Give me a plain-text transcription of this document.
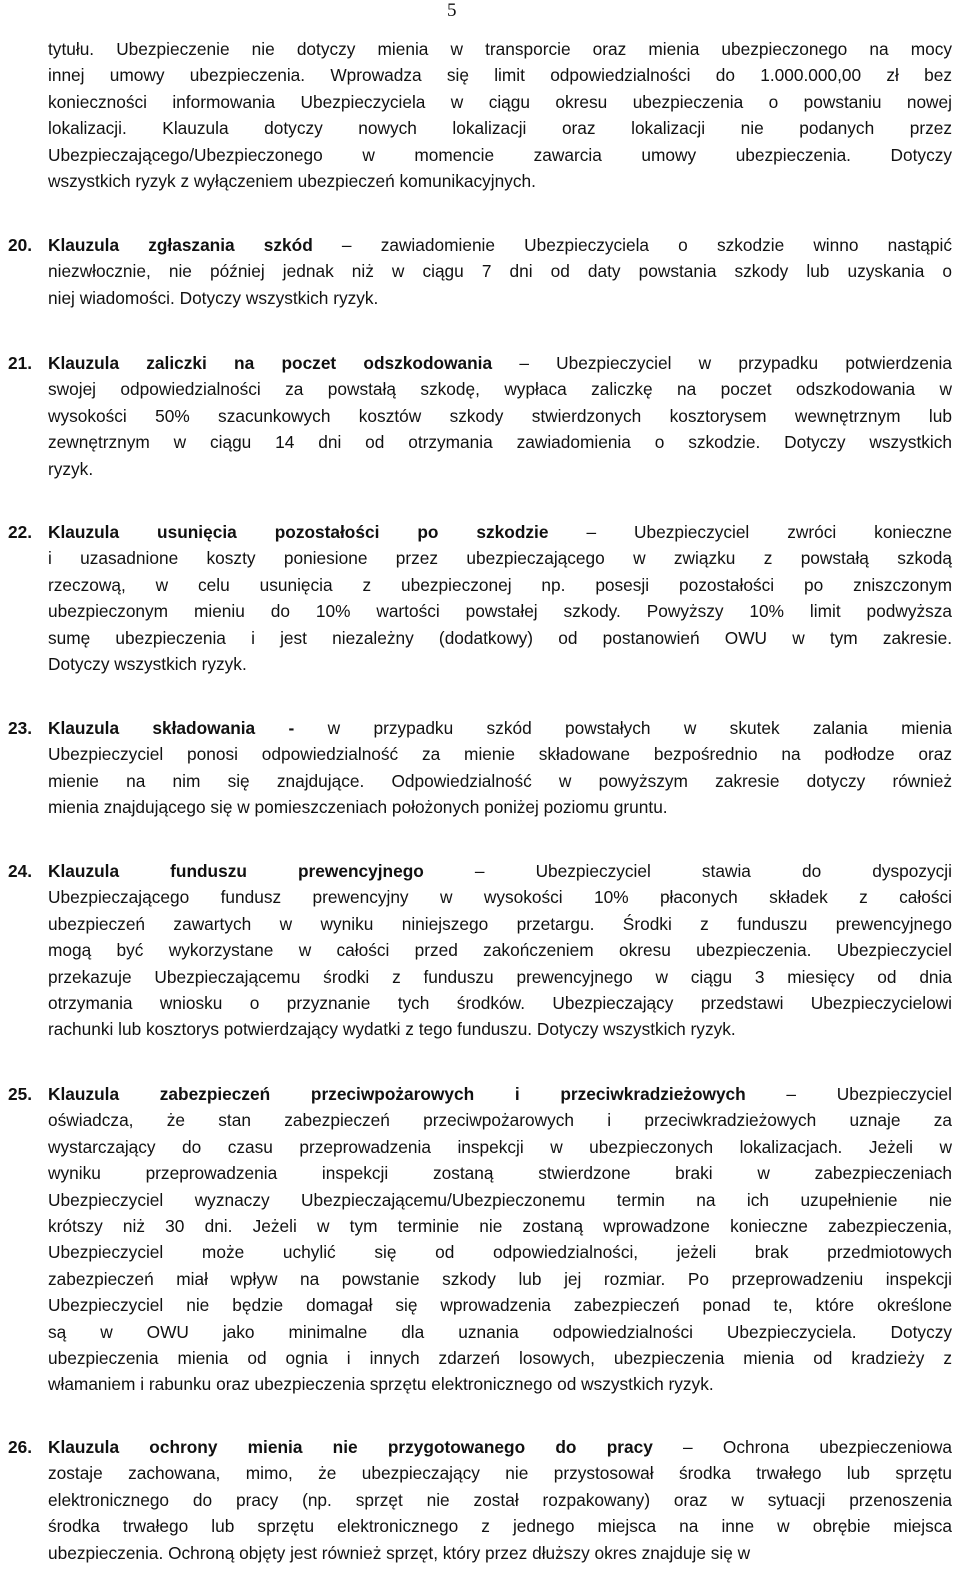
5
tytułu. Ubezpieczenie nie dotyczy mienia w transporcie oraz mienia ubezpieczonego na mocy
innej umowy ubezpieczenia. Wprowadza się limit odpowiedzialności do 1.000.000,00 zł bez
konieczności informowania Ubezpieczyciela w ciągu okresu ubezpieczenia o powstaniu nowej
lokalizacji. Klauzula dotyczy nowych lokalizacji oraz lokalizacji nie podanych przez
Ubezpieczającego/Ubezpieczonego w momencie zawarcia umowy ubezpieczenia. Dotyczy
wszystkich ryzyk z wyłączeniem ubezpieczeń komunikacyjnych.
20. Klauzula zgłaszania szkód – zawiadomienie Ubezpieczyciela o szkodzie winno nastąpić
niezwłocznie, nie później jednak niż w ciągu 7 dni od daty powstania szkody lub uzyskania o
niej wiadomości. Dotyczy wszystkich ryzyk.
21. Klauzula zaliczki na poczet odszkodowania – Ubezpieczyciel w przypadku potwierdzenia
swojej odpowiedzialności za powstałą szkodę, wypłaca zaliczkę na poczet odszkodowania w
wysokości 50% szacunkowych kosztów szkody stwierdzonych kosztorysem wewnętrznym lub
zewnętrznym w ciągu 14 dni od otrzymania zawiadomienia o szkodzie. Dotyczy wszystkich
ryzyk.
22. Klauzula usunięcia pozostałości po szkodzie – Ubezpieczyciel zwróci konieczne
i uzasadnione koszty poniesione przez ubezpieczającego w związku z powstałą szkodą
rzeczową, w celu usunięcia z ubezpieczonej np. posesji pozostałości po zniszczonym
ubezpieczonym mieniu do 10% wartości powstałej szkody. Powyższy 10% limit podwyższa
sumę ubezpieczenia i jest niezależny (dodatkowy) od postanowień OWU w tym zakresie.
Dotyczy wszystkich ryzyk.
23. Klauzula składowania - w przypadku szkód powstałych w skutek zalania mienia
Ubezpieczyciel ponosi odpowiedzialność za mienie składowane bezpośrednio na podłodze oraz
mienie na nim się znajdujące. Odpowiedzialność w powyższym zakresie dotyczy również
mienia znajdującego się w pomieszczeniach położonych poniżej poziomu gruntu.
24. Klauzula funduszu prewencyjnego – Ubezpieczyciel stawia do dyspozycji
Ubezpieczającego fundusz prewencyjny w wysokości 10% płaconych składek z całości
ubezpieczeń zawartych w wyniku niniejszego przetargu. Środki z funduszu prewencyjnego
mogą być wykorzystane w całości przed zakończeniem okresu ubezpieczenia. Ubezpieczyciel
przekazuje Ubezpieczającemu środki z funduszu prewencyjnego w ciągu 3 miesięcy od dnia
otrzymania wniosku o przyznanie tych środków. Ubezpieczający przedstawi Ubezpieczycielowi
rachunki lub kosztorys potwierdzający wydatki z tego funduszu. Dotyczy wszystkich ryzyk.
25. Klauzula zabezpieczeń przeciwpożarowych i przeciwkradzieżowych – Ubezpieczyciel
oświadcza, że stan zabezpieczeń przeciwpożarowych i przeciwkradzieżowych uznaje za
wystarczający do czasu przeprowadzenia inspekcji w ubezpieczonych lokalizacjach. Jeżeli w
wyniku przeprowadzenia inspekcji zostaną stwierdzone braki w zabezpieczeniach
Ubezpieczyciel wyznaczy Ubezpieczającemu/Ubezpieczonemu termin na ich uzupełnienie nie
krótszy niż 30 dni. Jeżeli w tym terminie nie zostaną wprowadzone konieczne zabezpieczenia,
Ubezpieczyciel może uchylić się od odpowiedzialności, jeżeli brak przedmiotowych
zabezpieczeń miał wpływ na powstanie szkody lub jej rozmiar. Po przeprowadzeniu inspekcji
Ubezpieczyciel nie będzie domagał się wprowadzenia zabezpieczeń ponad te, które określone
są w OWU jako minimalne dla uznania odpowiedzialności Ubezpieczyciela. Dotyczy
ubezpieczenia mienia od ognia i innych zdarzeń losowych, ubezpieczenia mienia od kradzieży z
włamaniem i rabunku oraz ubezpieczenia sprzętu elektronicznego od wszystkich ryzyk.
26. Klauzula ochrony mienia nie przygotowanego do pracy – Ochrona ubezpieczeniowa
zostaje zachowana, mimo, że ubezpieczający nie przystosował środka trwałego lub sprzętu
elektronicznego do pracy (np. sprzęt nie został rozpakowany) oraz w sytuacji przenoszenia
środka trwałego lub sprzętu elektronicznego z jednego miejsca na inne w obrębie miejsca
ubezpieczenia. Ochroną objęty jest również sprzęt, który przez dłuższy okres znajduje się w
